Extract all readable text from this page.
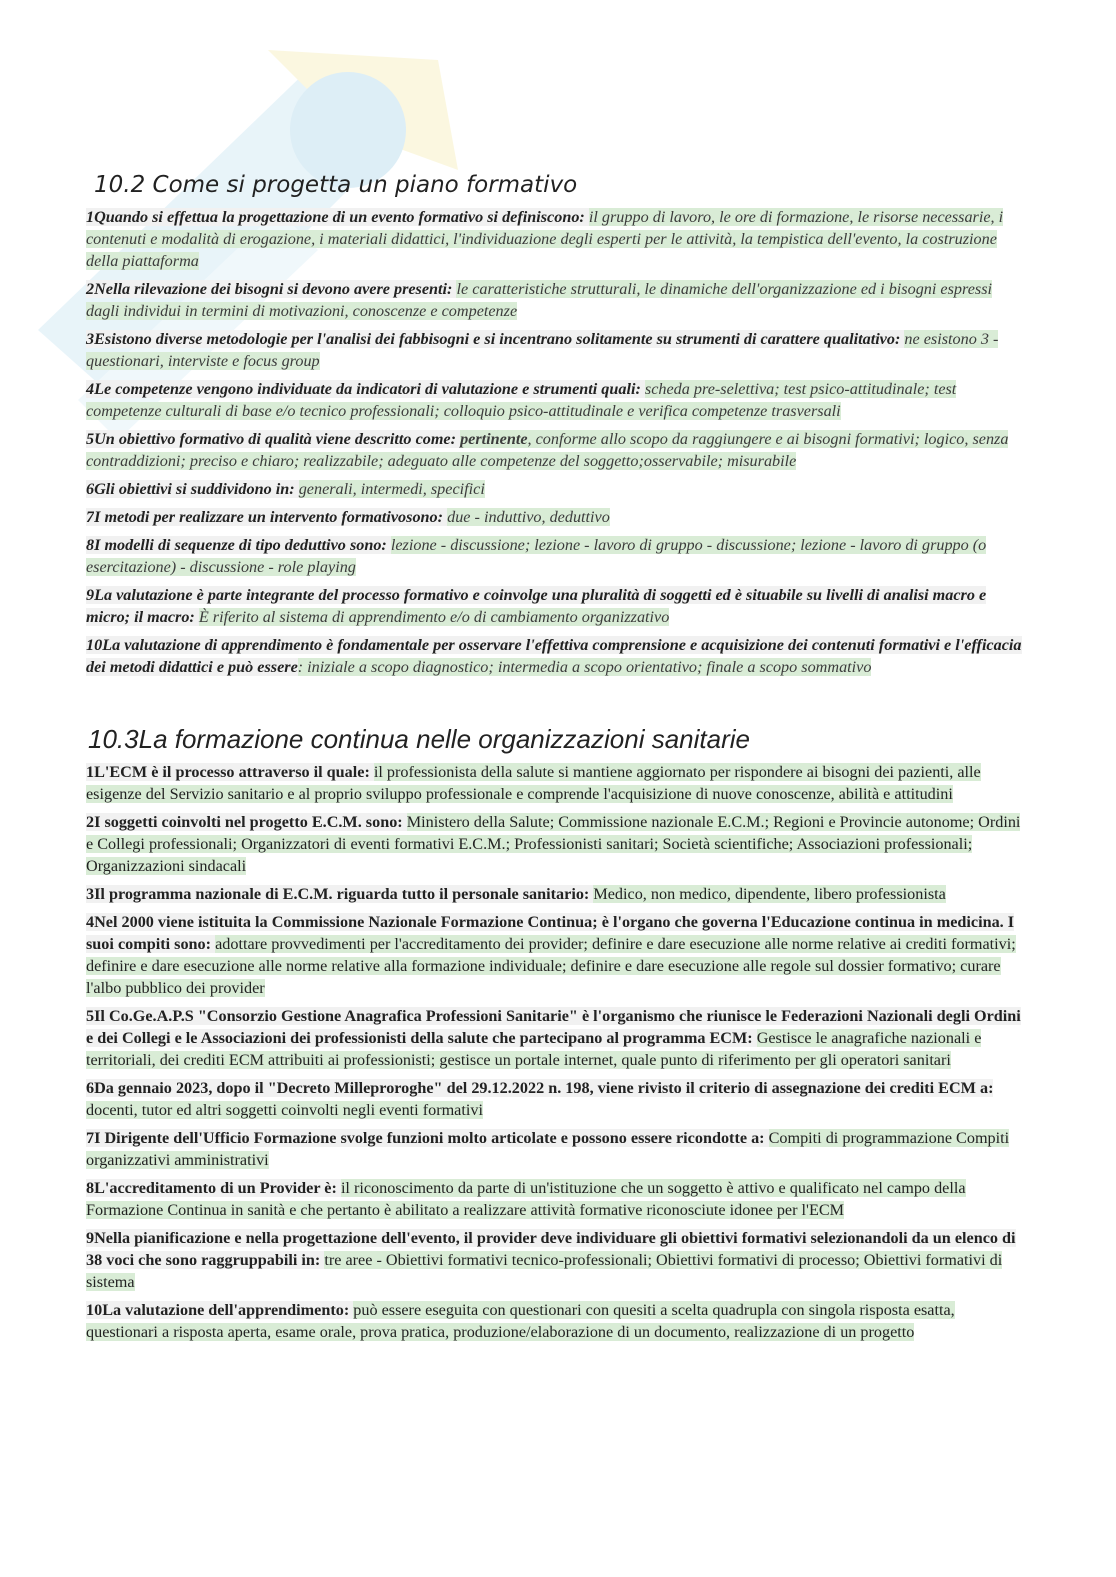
10.2 Come si progetta un piano formativo

1Quando si effettua la progettazione di un evento formativo si definiscono: il gruppo di lavoro, le ore di formazione, le risorse necessarie, i contenuti e modalità di erogazione, i materiali didattici, l'individuazione degli esperti per le attività, la tempistica dell'evento, la costruzione della piattaforma

2Nella rilevazione dei bisogni si devono avere presenti: le caratteristiche strutturali, le dinamiche dell'organizzazione ed i bisogni espressi dagli individui in termini di motivazioni, conoscenze e competenze

3Esistono diverse metodologie per l'analisi dei fabbisogni e si incentrano solitamente su strumenti di carattere qualitativo: ne esistono 3 - questionari, interviste e focus group

4Le competenze vengono individuate da indicatori di valutazione e strumenti quali: scheda pre-selettiva; test psico-attitudinale; test competenze culturali di base e/o tecnico professionali; colloquio psico-attitudinale e verifica competenze trasversali

5Un obiettivo formativo di qualità viene descritto come: pertinente, conforme allo scopo da raggiungere e ai bisogni formativi; logico, senza contraddizioni; preciso e chiaro; realizzabile; adeguato alle competenze del soggetto;osservabile; misurabile

6Gli obiettivi si suddividono in: generali, intermedi, specifici

7I metodi per realizzare un intervento formativosono: due - induttivo, deduttivo

8I modelli di sequenze di tipo deduttivo sono: lezione - discussione; lezione - lavoro di gruppo - discussione; lezione - lavoro di gruppo (o esercitazione) - discussione - role playing

9La valutazione è parte integrante del processo formativo e coinvolge una pluralità di soggetti ed è situabile su livelli di analisi macro e micro; il macro: È riferito al sistema di apprendimento e/o di cambiamento organizzativo

10La valutazione di apprendimento è fondamentale per osservare l'effettiva comprensione e acquisizione dei contenuti formativi e l'efficacia dei metodi didattici e può essere: iniziale a scopo diagnostico; intermedia a scopo orientativo; finale a scopo sommativo

10.3La formazione continua nelle organizzazioni sanitarie

1L'ECM è il processo attraverso il quale: il professionista della salute si mantiene aggiornato per rispondere ai bisogni dei pazienti, alle esigenze del Servizio sanitario e al proprio sviluppo professionale e comprende l'acquisizione di nuove conoscenze, abilità e attitudini

2I soggetti coinvolti nel progetto E.C.M. sono: Ministero della Salute; Commissione nazionale E.C.M.; Regioni e Provincie autonome; Ordini e Collegi professionali; Organizzatori di eventi formativi E.C.M.; Professionisti sanitari; Società scientifiche; Associazioni professionali; Organizzazioni sindacali

3Il programma nazionale di E.C.M. riguarda tutto il personale sanitario: Medico, non medico, dipendente, libero professionista

4Nel 2000 viene istituita la Commissione Nazionale Formazione Continua; è l'organo che governa l'Educazione continua in medicina. I suoi compiti sono: adottare provvedimenti per l'accreditamento dei provider; definire e dare esecuzione alle norme relative ai crediti formativi; definire e dare esecuzione alle norme relative alla formazione individuale; definire e dare esecuzione alle regole sul dossier formativo; curare l'albo pubblico dei provider

5Il Co.Ge.A.P.S "Consorzio Gestione Anagrafica Professioni Sanitarie" è l'organismo che riunisce le Federazioni Nazionali degli Ordini e dei Collegi e le Associazioni dei professionisti della salute che partecipano al programma ECM: Gestisce le anagrafiche nazionali e territoriali, dei crediti ECM attribuiti ai professionisti; gestisce un portale internet, quale punto di riferimento per gli operatori sanitari

6Da gennaio 2023, dopo il "Decreto Milleproroghe" del 29.12.2022 n. 198, viene rivisto il criterio di assegnazione dei crediti ECM a: docenti, tutor ed altri soggetti coinvolti negli eventi formativi

7I Dirigente dell'Ufficio Formazione svolge funzioni molto articolate e possono essere ricondotte a: Compiti di programmazione Compiti organizzativi amministrativi

8L'accreditamento di un Provider è: il riconoscimento da parte di un'istituzione che un soggetto è attivo e qualificato nel campo della Formazione Continua in sanità e che pertanto è abilitato a realizzare attività formative riconosciute idonee per l'ECM

9Nella pianificazione e nella progettazione dell'evento, il provider deve individuare gli obiettivi formativi selezionandoli da un elenco di 38 voci che sono raggruppabili in: tre aree - Obiettivi formativi tecnico-professionali; Obiettivi formativi di processo; Obiettivi formativi di sistema

10La valutazione dell'apprendimento: può essere eseguita con questionari con quesiti a scelta quadrupla con singola risposta esatta, questionari a risposta aperta, esame orale, prova pratica, produzione/elaborazione di un documento, realizzazione di un progetto
